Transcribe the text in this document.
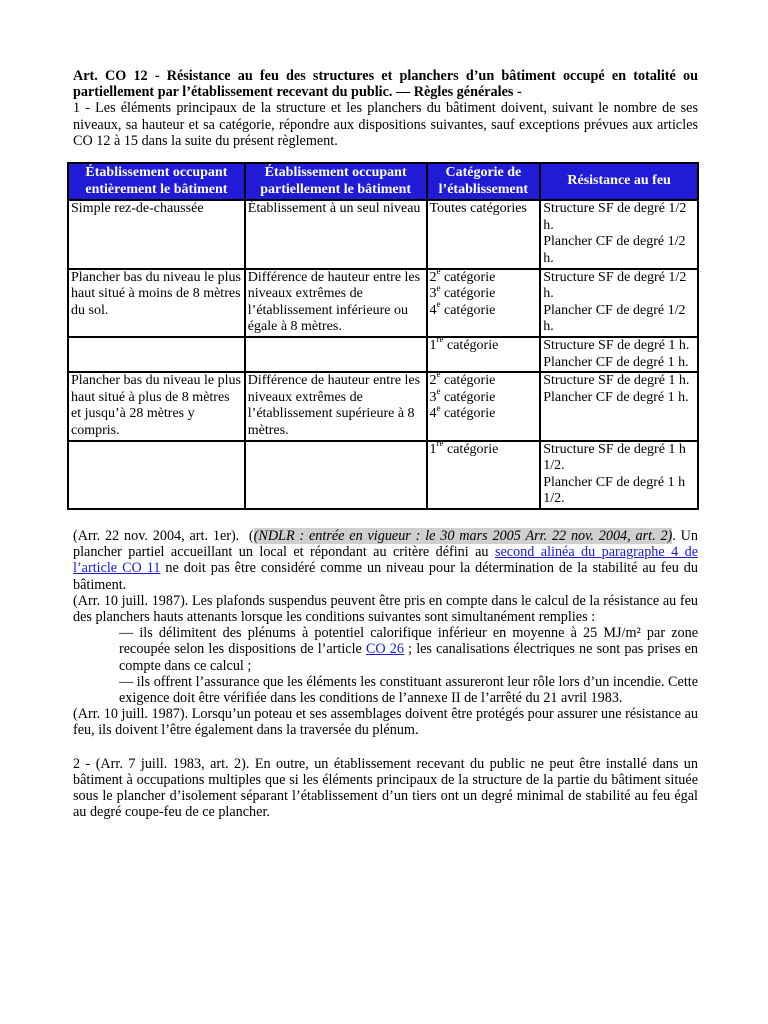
Art. CO 12 - Résistance au feu des structures et planchers d’un bâtiment occupé en totalité ou partiellement par l’établissement recevant du public. — Règles générales -

1 - Les éléments principaux de la structure et les planchers du bâtiment doivent, suivant le nombre de ses niveaux, sa hauteur et sa catégorie, répondre aux dispositions suivantes, sauf exceptions prévues aux articles CO 12 à 15 dans la suite du présent règlement.

Établissement occupant entièrement le bâtiment	Établissement occupant partiellement le bâtiment	Catégorie de l’établissement	Résistance au feu
Simple rez-de-chaussée	Établissement à un seul niveau	Toutes catégories	Structure SF de degré 1/2 h.
Plancher CF de degré 1/2 h.

Plancher bas du niveau le plus haut situé à moins de 8 mètres du sol.	Différence de hauteur entre les niveaux extrêmes de l’établissement inférieure ou égale à 8 mètres.	2e catégorie
3e catégorie
4e catégorie	Structure SF de degré 1/2 h.
Plancher CF de degré 1/2 h.

		1re catégorie	Structure SF de degré 1 h.
Plancher CF de degré 1 h.

Plancher bas du niveau le plus haut situé à plus de 8 mètres et jusqu’à 28 mètres y compris.	Différence de hauteur entre les niveaux extrêmes de l’établissement supérieure à 8 mètres.	2e catégorie
3e catégorie
4e catégorie	Structure SF de degré 1 h.
Plancher CF de degré 1 h.

		1re catégorie	Structure SF de degré 1 h 1/2.
Plancher CF de degré 1 h 1/2.

(Arr. 22 nov. 2004, art. 1er).  ((NDLR : entrée en vigueur : le 30 mars 2005 Arr. 22 nov. 2004, art. 2). Un plancher partiel accueillant un local et répondant au critère défini au second alinéa du paragraphe 4 de l’article CO 11 ne doit pas être considéré comme un niveau pour la détermination de la stabilité au feu du bâtiment.

(Arr. 10 juill. 1987). Les plafonds suspendus peuvent être pris en compte dans le calcul de la résistance au feu des planchers hauts attenants lorsque les conditions suivantes sont simultanément remplies :

— ils délimitent des plénums à potentiel calorifique inférieur en moyenne à 25 MJ/m² par zone recoupée selon les dispositions de l’article CO 26 ; les canalisations électriques ne sont pas prises en compte dans ce calcul ;

— ils offrent l’assurance que les éléments les constituant assureront leur rôle lors d’un incendie. Cette exigence doit être vérifiée dans les conditions de l’annexe II de l’arrêté du 21 avril 1983.

(Arr. 10 juill. 1987). Lorsqu’un poteau et ses assemblages doivent être protégés pour assurer une résistance au feu, ils doivent l’être également dans la traversée du plénum.

2 - (Arr. 7 juill. 1983, art. 2). En outre, un établissement recevant du public ne peut être installé dans un bâtiment à occupations multiples que si les éléments principaux de la structure de la partie du bâtiment située sous le plancher d’isolement séparant l’établissement d’un tiers ont un degré minimal de stabilité au feu égal au degré coupe-feu de ce plancher.
